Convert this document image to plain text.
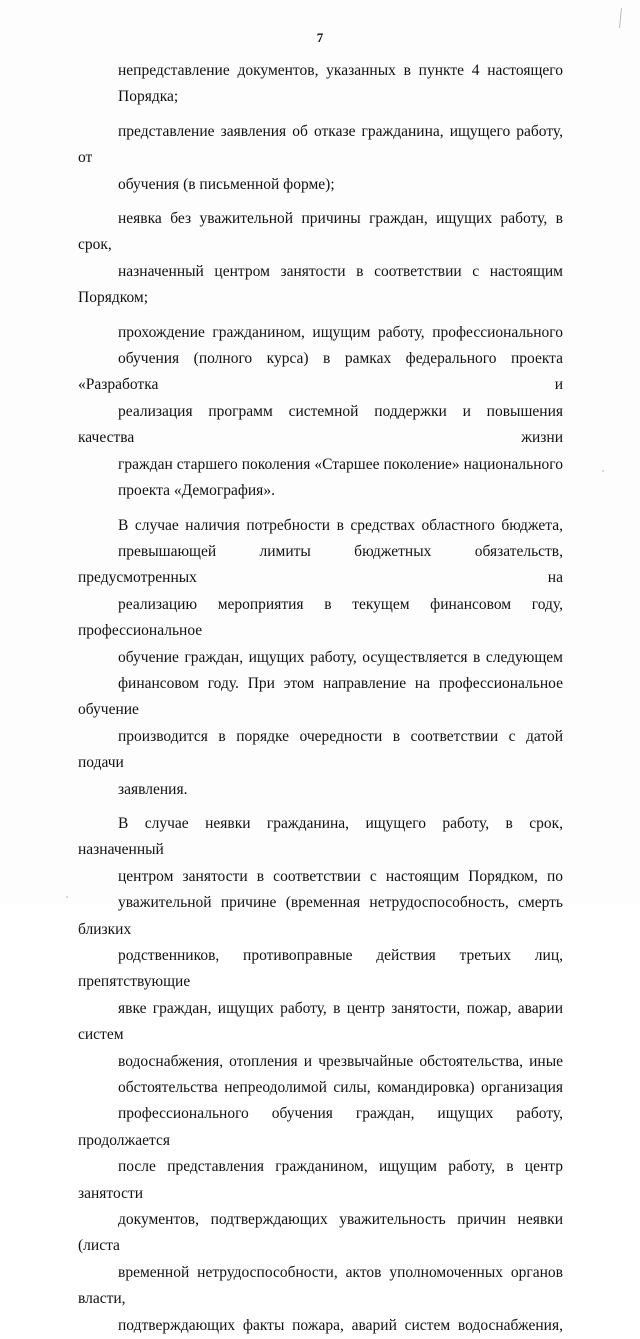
7

непредставление документов, указанных в пункте 4 настоящего
Порядка;

представление заявления об отказе гражданина, ищущего работу, от
обучения (в письменной форме);

неявка без уважительной причины граждан, ищущих работу, в срок,
назначенный центром занятости в соответствии с настоящим Порядком;

прохождение гражданином, ищущим работу, профессионального
обучения (полного курса) в рамках федерального проекта «Разработка и
реализация программ системной поддержки и повышения качества жизни
граждан старшего поколения «Старшее поколение» национального
проекта «Демография».

В случае наличия потребности в средствах областного бюджета,
превышающей лимиты бюджетных обязательств, предусмотренных на
реализацию мероприятия в текущем финансовом году, профессиональное
обучение граждан, ищущих работу, осуществляется в следующем
финансовом году. При этом направление на профессиональное обучение
производится в порядке очередности в соответствии с датой подачи
заявления.

В случае неявки гражданина, ищущего работу, в срок, назначенный
центром занятости в соответствии с настоящим Порядком, по
уважительной причине (временная нетрудоспособность, смерть близких
родственников, противоправные действия третьих лиц, препятствующие
явке граждан, ищущих работу, в центр занятости, пожар, аварии систем
водоснабжения, отопления и чрезвычайные обстоятельства, иные
обстоятельства непреодолимой силы, командировка) организация
профессионального обучения граждан, ищущих работу, продолжается
после представления гражданином, ищущим работу, в центр занятости
документов, подтверждающих уважительность причин неявки (листа
временной нетрудоспособности, актов уполномоченных органов власти,
подтверждающих факты пожара, аварий систем водоснабжения,
